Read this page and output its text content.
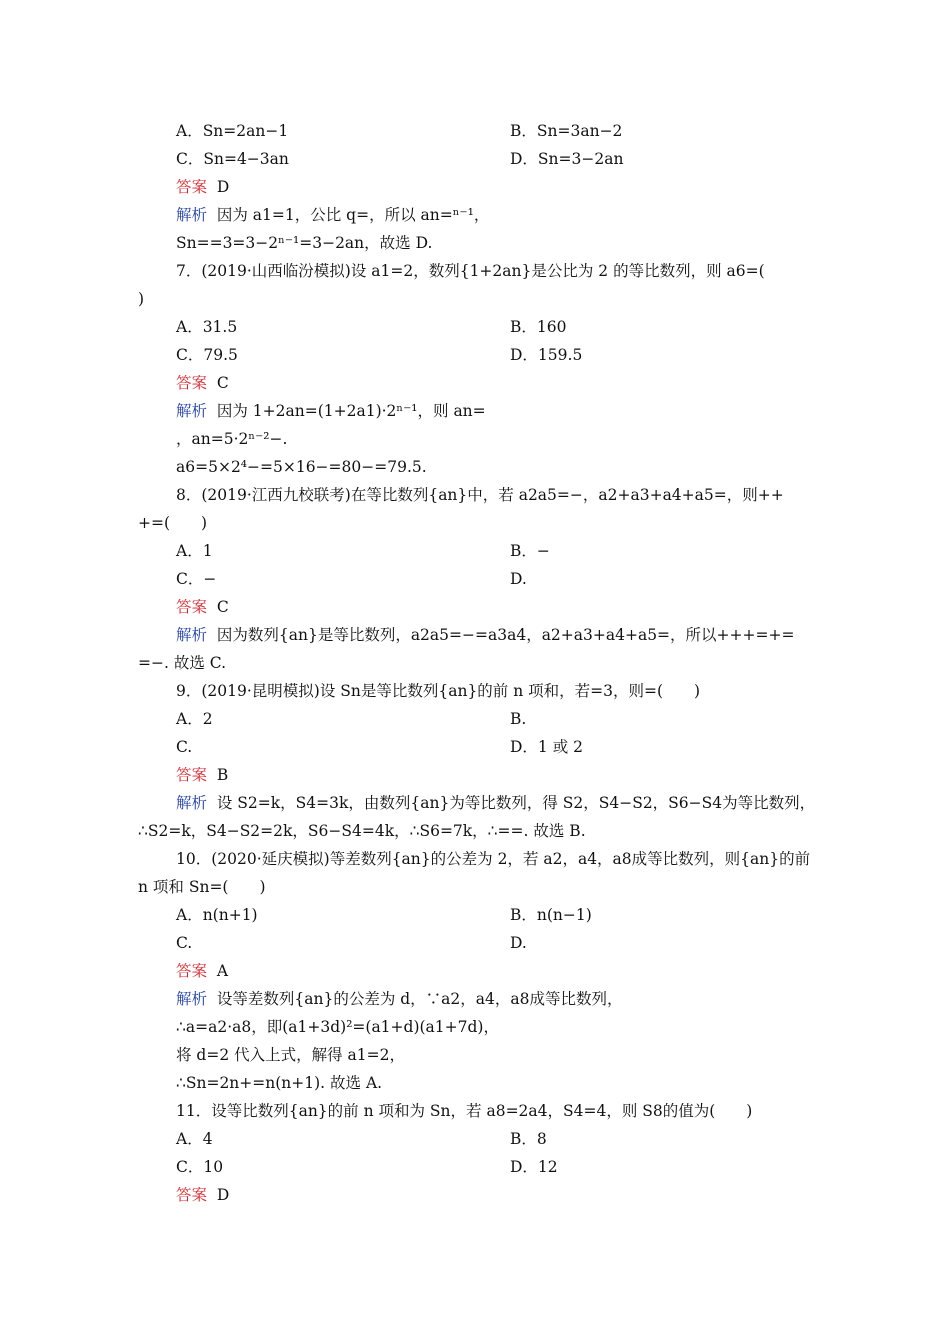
A．Sn=2an−1	B．Sn=3an−2
C．Sn=4−3an	D．Sn=3−2an
答案  D
解析  因为 a1=1，公比 q=，所以 an=ⁿ⁻¹，
Sn==3=3−2ⁿ⁻¹=3−2an，故选 D.
7．(2019·山西临汾模拟)设 a1=2，数列{1+2an}是公比为 2 的等比数列，则 a6=(
)
A．31.5	B．160
C．79.5	D．159.5
答案  C
解析  因为 1+2an=(1+2a1)·2ⁿ⁻¹，则 an=
，an=5·2ⁿ⁻²−.
a6=5×2⁴−=5×16−=80−=79.5.
8．(2019·江西九校联考)在等比数列{an}中，若 a2a5=−，a2+a3+a4+a5=，则++
+=(　　)
A．1	B．−
C．−	D.
答案  C
解析  因为数列{an}是等比数列，a2a5=−=a3a4，a2+a3+a4+a5=，所以+++=+=
=−. 故选 C.
9．(2019·昆明模拟)设 Sn是等比数列{an}的前 n 项和，若=3，则=(　　)
A．2	B.
C.	D．1 或 2
答案  B
解析  设 S2=k，S4=3k，由数列{an}为等比数列，得 S2，S4−S2，S6−S4为等比数列，
∴S2=k，S4−S2=2k，S6−S4=4k，∴S6=7k，∴==. 故选 B.
10．(2020·延庆模拟)等差数列{an}的公差为 2，若 a2，a4，a8成等比数列，则{an}的前
n 项和 Sn=(　　)
A．n(n+1)	B．n(n−1)
C.	D.
答案  A
解析  设等差数列{an}的公差为 d，∵a2，a4，a8成等比数列，
∴a=a2·a8，即(a1+3d)²=(a1+d)(a1+7d)，
将 d=2 代入上式，解得 a1=2，
∴Sn=2n+=n(n+1). 故选 A.
11．设等比数列{an}的前 n 项和为 Sn，若 a8=2a4，S4=4，则 S8的值为(　　)
A．4	B．8
C．10	D．12
答案  D
